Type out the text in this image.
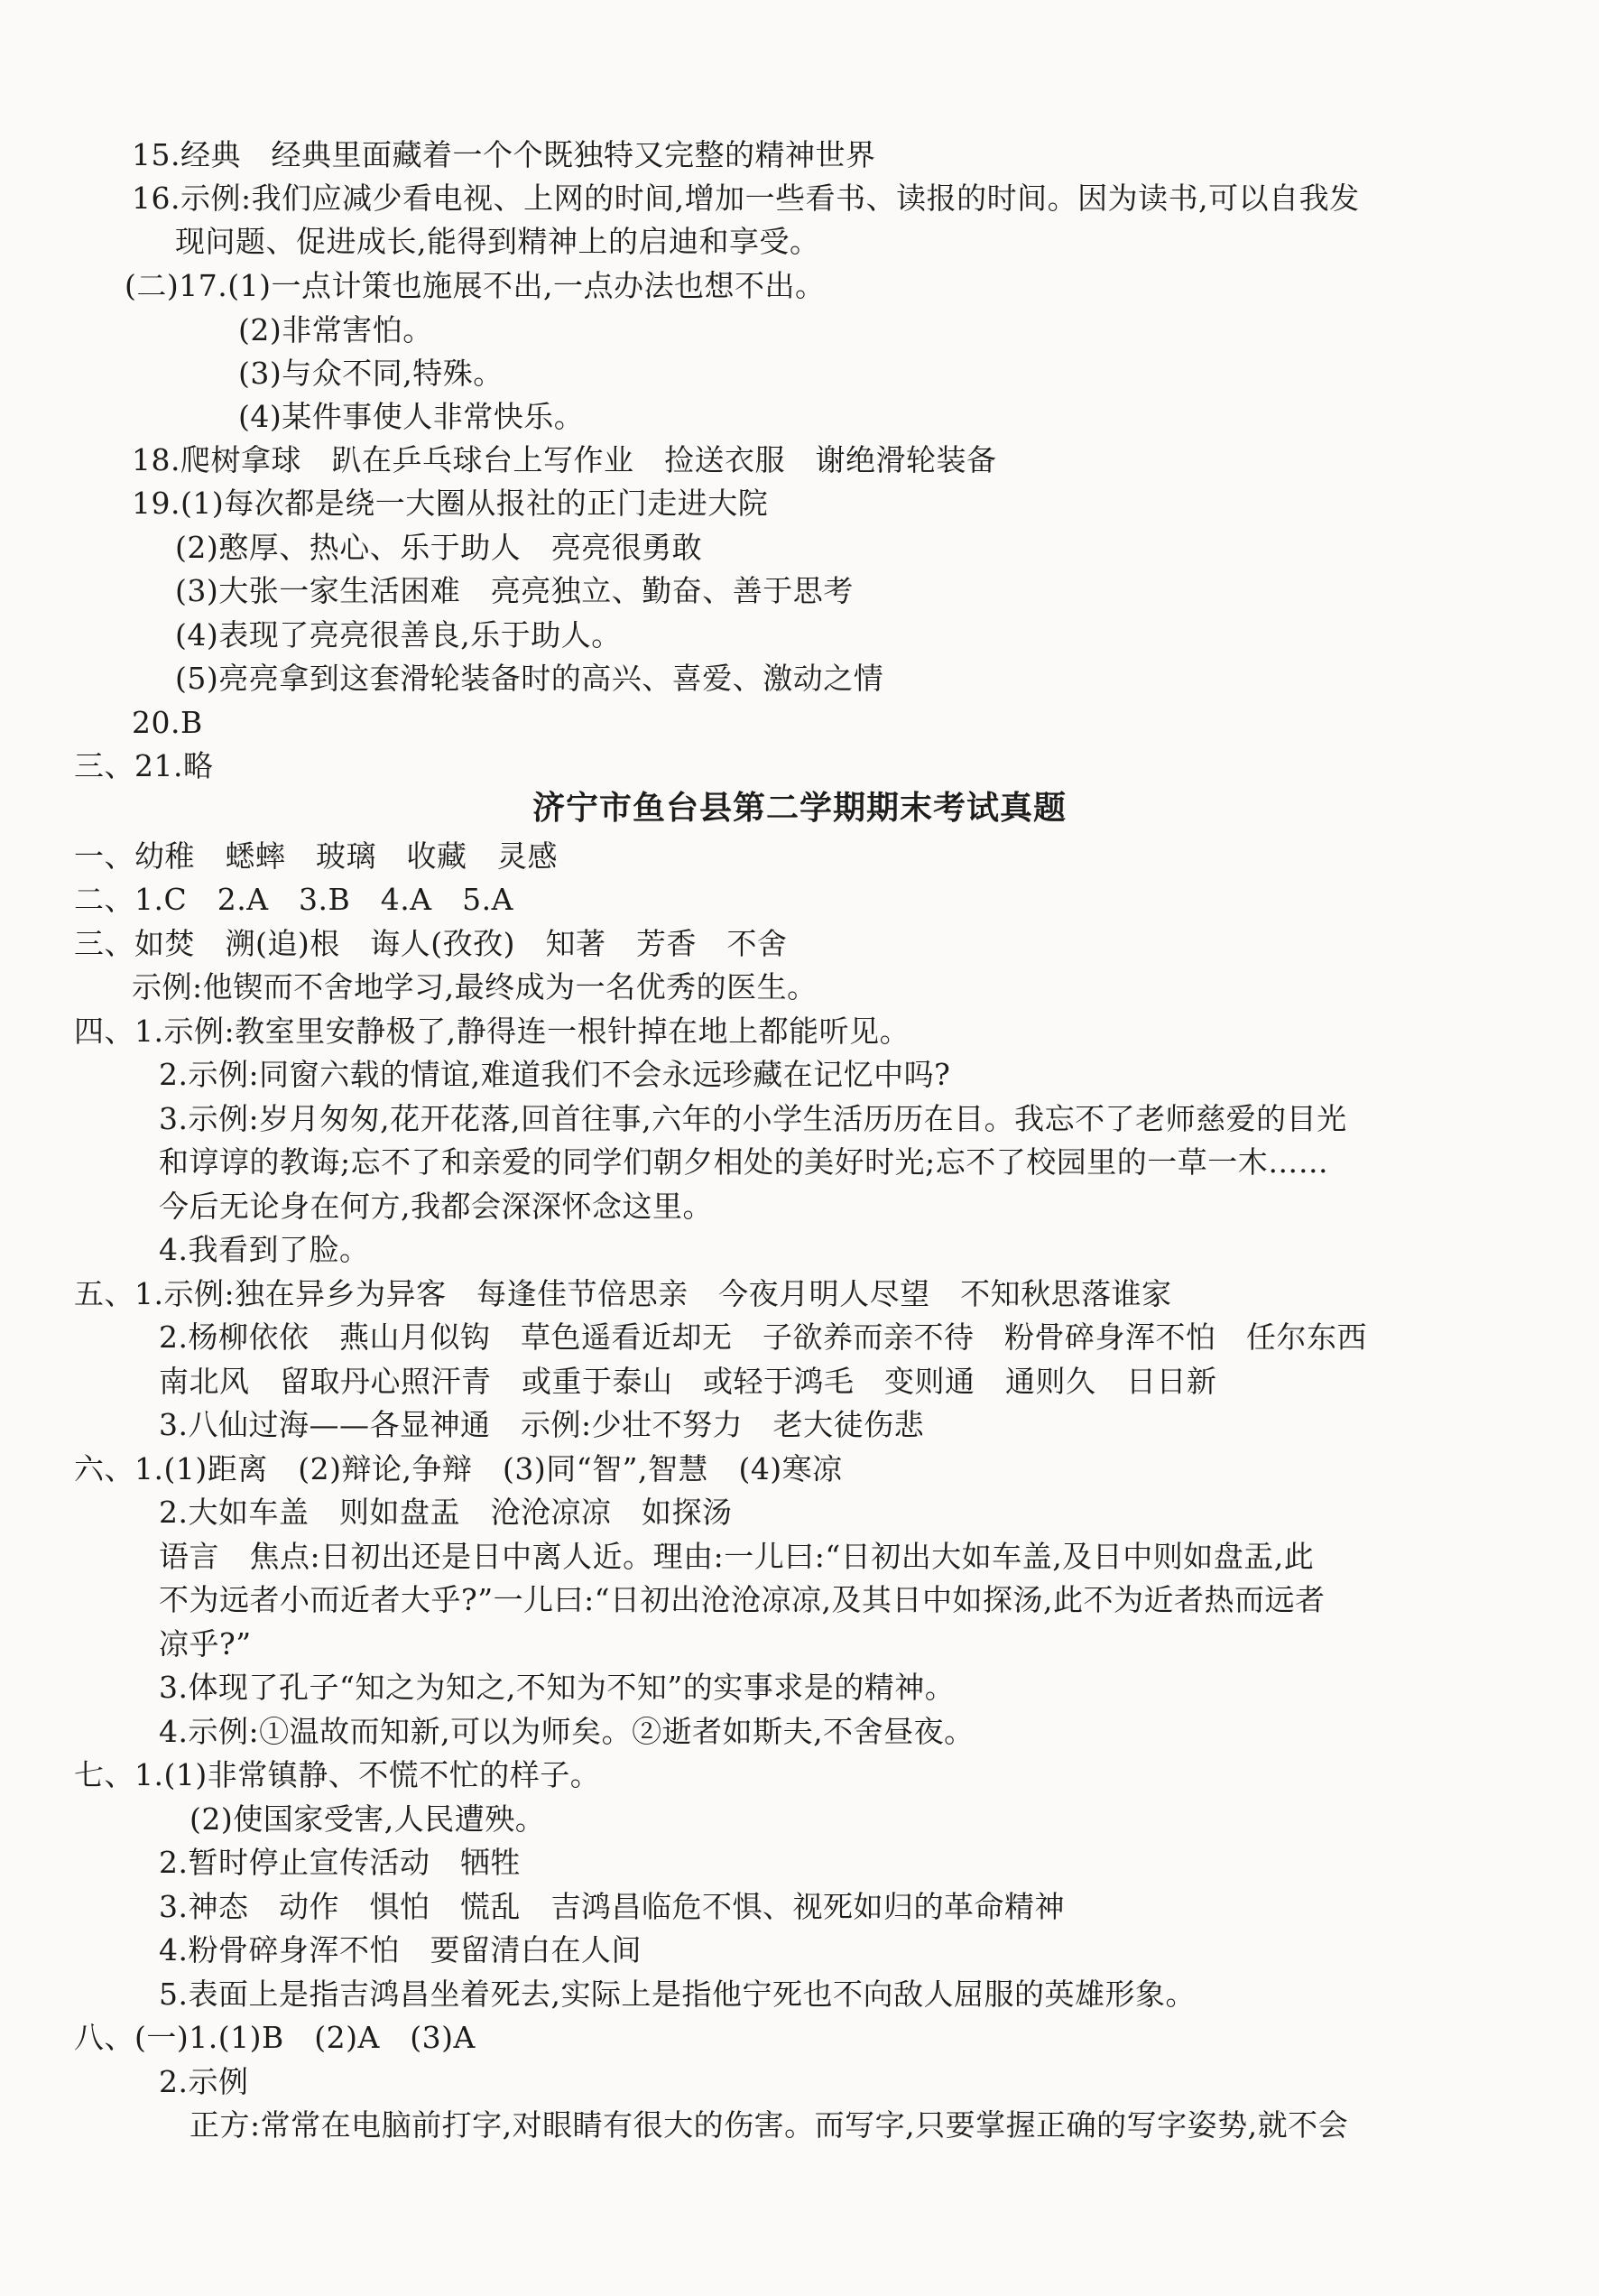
15.经典　经典里面藏着一个个既独特又完整的精神世界
16.示例:我们应减少看电视、上网的时间,增加一些看书、读报的时间。因为读书,可以自我发
现问题、促进成长,能得到精神上的启迪和享受。
(二)17.(1)一点计策也施展不出,一点办法也想不出。
(2)非常害怕。
(3)与众不同,特殊。
(4)某件事使人非常快乐。
18.爬树拿球　趴在乒乓球台上写作业　捡送衣服　谢绝滑轮装备
19.(1)每次都是绕一大圈从报社的正门走进大院
(2)憨厚、热心、乐于助人　亮亮很勇敢
(3)大张一家生活困难　亮亮独立、勤奋、善于思考
(4)表现了亮亮很善良,乐于助人。
(5)亮亮拿到这套滑轮装备时的高兴、喜爱、激动之情
20.B
三、21.略
济宁市鱼台县第二学期期末考试真题
一、幼稚　蟋蟀　玻璃　收藏　灵感
二、1.C　2.A　3.B　4.A　5.A
三、如焚　溯(追)根　诲人(孜孜)　知著　芳香　不舍
示例:他锲而不舍地学习,最终成为一名优秀的医生。
四、1.示例:教室里安静极了,静得连一根针掉在地上都能听见。
2.示例:同窗六载的情谊,难道我们不会永远珍藏在记忆中吗?
3.示例:岁月匆匆,花开花落,回首往事,六年的小学生活历历在目。我忘不了老师慈爱的目光
和谆谆的教诲;忘不了和亲爱的同学们朝夕相处的美好时光;忘不了校园里的一草一木……
今后无论身在何方,我都会深深怀念这里。
4.我看到了脸。
五、1.示例:独在异乡为异客　每逢佳节倍思亲　今夜月明人尽望　不知秋思落谁家
2.杨柳依依　燕山月似钩　草色遥看近却无　子欲养而亲不待　粉骨碎身浑不怕　任尔东西
南北风　留取丹心照汗青　或重于泰山　或轻于鸿毛　变则通　通则久　日日新
3.八仙过海——各显神通　示例:少壮不努力　老大徒伤悲
六、1.(1)距离　(2)辩论,争辩　(3)同“智”,智慧　(4)寒凉
2.大如车盖　则如盘盂　沧沧凉凉　如探汤
语言　焦点:日初出还是日中离人近。理由:一儿曰:“日初出大如车盖,及日中则如盘盂,此
不为远者小而近者大乎?”一儿曰:“日初出沧沧凉凉,及其日中如探汤,此不为近者热而远者
凉乎?”
3.体现了孔子“知之为知之,不知为不知”的实事求是的精神。
4.示例:①温故而知新,可以为师矣。②逝者如斯夫,不舍昼夜。
七、1.(1)非常镇静、不慌不忙的样子。
(2)使国家受害,人民遭殃。
2.暂时停止宣传活动　牺牲
3.神态　动作　惧怕　慌乱　吉鸿昌临危不惧、视死如归的革命精神
4.粉骨碎身浑不怕　要留清白在人间
5.表面上是指吉鸿昌坐着死去,实际上是指他宁死也不向敌人屈服的英雄形象。
八、(一)1.(1)B　(2)A　(3)A
2.示例
正方:常常在电脑前打字,对眼睛有很大的伤害。而写字,只要掌握正确的写字姿势,就不会
